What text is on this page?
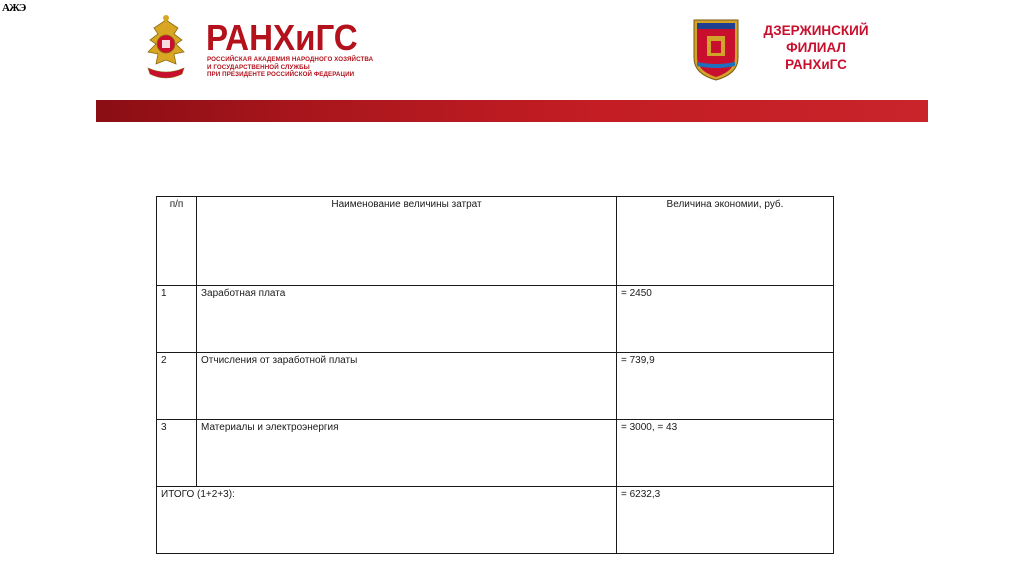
АЖЭ
РАНХиГС
РОССИЙСКАЯ АКАДЕМИЯ НАРОДНОГО ХОЗЯЙСТВА
И ГОСУДАРСТВЕННОЙ СЛУЖБЫ
ПРИ ПРЕЗИДЕНТЕ РОССИЙСКОЙ ФЕДЕРАЦИИ
ДЗЕРЖИНСКИЙ
ФИЛИАЛ
РАНХиГС
п/п	Наименование величины затрат	Величина экономии, руб.
1	Заработная плата	= 2450
2	Отчисления от заработной платы	= 739,9
3	Материалы и электроэнергия	= 3000, = 43
ИТОГО (1+2+3):		= 6232,3
